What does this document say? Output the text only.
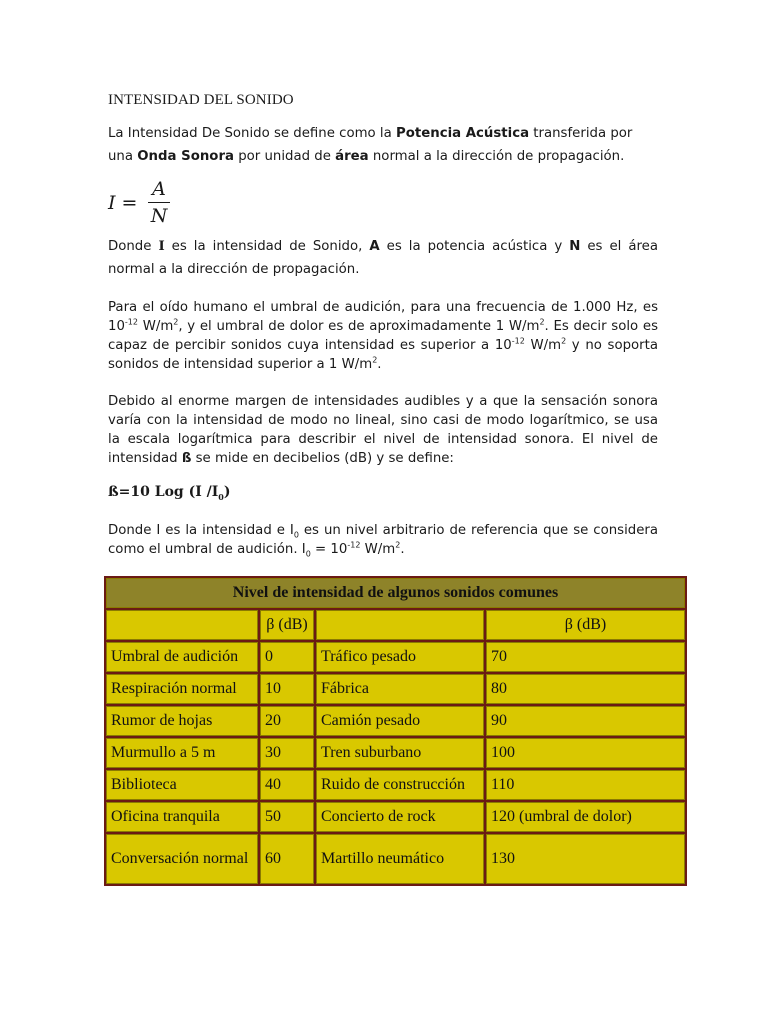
INTENSIDAD DEL SONIDO
La Intensidad De Sonido se define como la Potencia Acústica transferida por una Onda Sonora por unidad de área normal a la dirección de propagación.
I =
A
N
Donde I es la intensidad de Sonido, A es la potencia acústica y N es el área normal a la dirección de propagación.
Para el oído humano el umbral de audición, para una frecuencia de 1.000 Hz, es $10^{-12}$ $W/m^2$, y el umbral de dolor es de aproximadamente 1 $W/m^2$. Es decir solo es capaz de percibir sonidos cuya intensidad es superior a $10^{-12}$ $W/m^2$ y no soporta sonidos de intensidad superior a 1 $W/m^2$.
Debido al enorme margen de intensidades audibles y a que la sensación sonora varía con la intensidad de modo no lineal, sino casi de modo logarítmico, se usa la escala logarítmica para describir el nivel de intensidad sonora. El nivel de intensidad ß se mide en decibelios (dB) y se define:
ß=10 Log (I $/I_0$)
Donde I es la intensidad e $I_0$ es un nivel arbitrario de referencia que se considera como el umbral de audición. $I_0 = 10^{-12}$ $W/m^2$.
Nivel de intensidad de algunos sonidos comunes			
	β (dB)		β (dB)
Umbral de audición	0	Tráfico pesado	70
Respiración normal	10	Fábrica	80
Rumor de hojas	20	Camión pesado	90
Murmullo a 5 m	30	Tren suburbano	100
Biblioteca	40	Ruido de construcción	110
Oficina tranquila	50	Concierto de rock	120 (umbral de dolor)
Conversación normal	60	Martillo neumático	130
